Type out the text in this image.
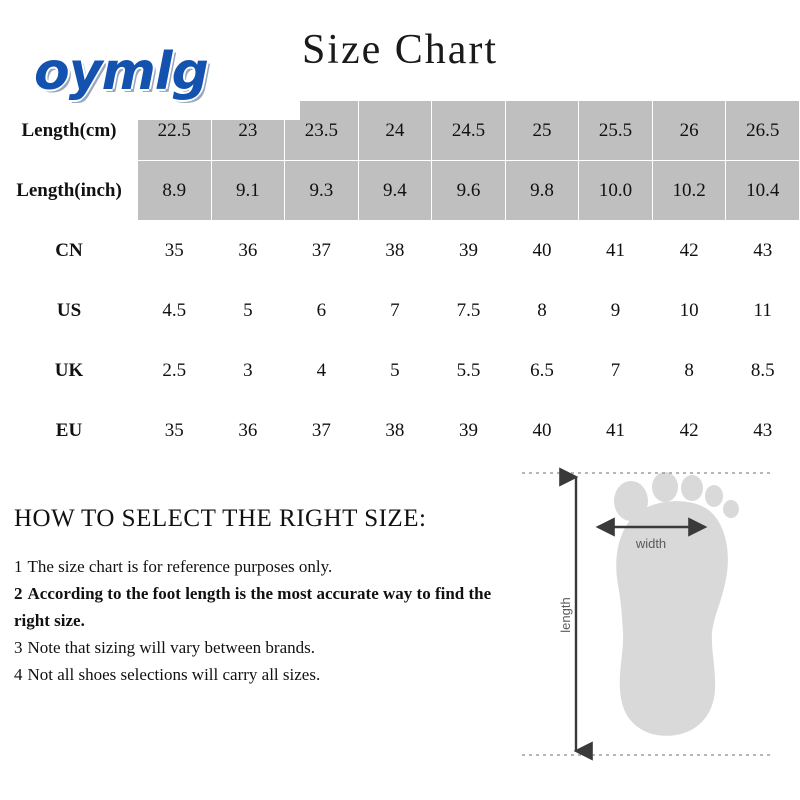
Size Chart
oymlg
Length(cm)	22.5	23	23.5	24	24.5	25	25.5	26	26.5
Length(inch)	8.9	9.1	9.3	9.4	9.6	9.8	10.0	10.2	10.4
CN	35	36	37	38	39	40	41	42	43
US	4.5	5	6	7	7.5	8	9	10	11
UK	2.5	3	4	5	5.5	6.5	7	8	8.5
EU	35	36	37	38	39	40	41	42	43
HOW TO SELECT THE RIGHT SIZE:
1 The size chart is for reference purposes only.
2 According to the foot length is the most accurate way to find the right size.
3 Note that sizing will vary between brands.
4 Not all shoes selections will carry all sizes.
length
width
